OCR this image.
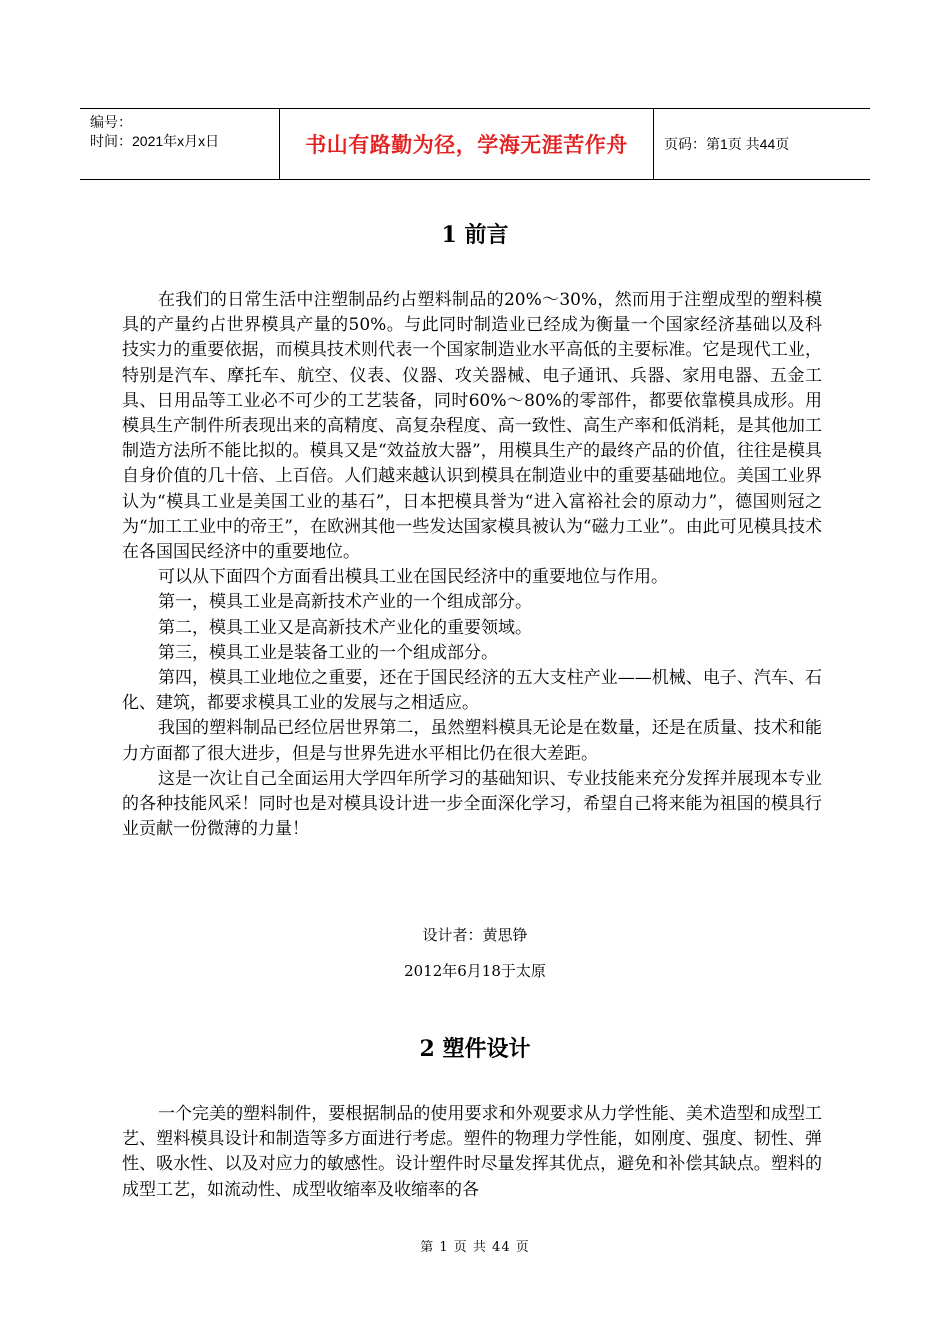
编号：
时间：2021年x月x日	书山有路勤为径，学海无涯苦作舟	页码：第1页 共44页
1 前言

在我们的日常生活中注塑制品约占塑料制品的20%～30%，然而用于注塑成型的塑料模具的产量约占世界模具产量的50%。与此同时制造业已经成为衡量一个国家经济基础以及科技实力的重要依据，而模具技术则代表一个国家制造业水平高低的主要标准。它是现代工业，特别是汽车、摩托车、航空、仪表、仪器、攻关器械、电子通讯、兵器、家用电器、五金工具、日用品等工业必不可少的工艺装备，同时60%～80%的零部件，都要依靠模具成形。用模具生产制件所表现出来的高精度、高复杂程度、高一致性、高生产率和低消耗，是其他加工制造方法所不能比拟的。模具又是“效益放大器”，用模具生产的最终产品的价值，往往是模具自身价值的几十倍、上百倍。人们越来越认识到模具在制造业中的重要基础地位。美国工业界认为“模具工业是美国工业的基石”，日本把模具誉为“进入富裕社会的原动力”，德国则冠之为“加工工业中的帝王”，在欧洲其他一些发达国家模具被认为“磁力工业”。由此可见模具技术在各国国民经济中的重要地位。

可以从下面四个方面看出模具工业在国民经济中的重要地位与作用。

第一，模具工业是高新技术产业的一个组成部分。

第二，模具工业又是高新技术产业化的重要领域。

第三，模具工业是装备工业的一个组成部分。

第四，模具工业地位之重要，还在于国民经济的五大支柱产业——机械、电子、汽车、石化、建筑，都要求模具工业的发展与之相适应。

我国的塑料制品已经位居世界第二，虽然塑料模具无论是在数量，还是在质量、技术和能力方面都了很大进步，但是与世界先进水平相比仍在很大差距。

这是一次让自己全面运用大学四年所学习的基础知识、专业技能来充分发挥并展现本专业的各种技能风采！同时也是对模具设计进一步全面深化学习，希望自己将来能为祖国的模具行业贡献一份微薄的力量！

设计者：黄思铮
2012年6月18于太原
2 塑件设计

一个完美的塑料制件，要根据制品的使用要求和外观要求从力学性能、美术造型和成型工艺、塑料模具设计和制造等多方面进行考虑。塑件的物理力学性能，如刚度、强度、韧性、弹性、吸水性、以及对应力的敏感性。设计塑件时尽量发挥其优点，避免和补偿其缺点。塑料的成型工艺，如流动性、成型收缩率及收缩率的各

第 1 页 共 44 页
